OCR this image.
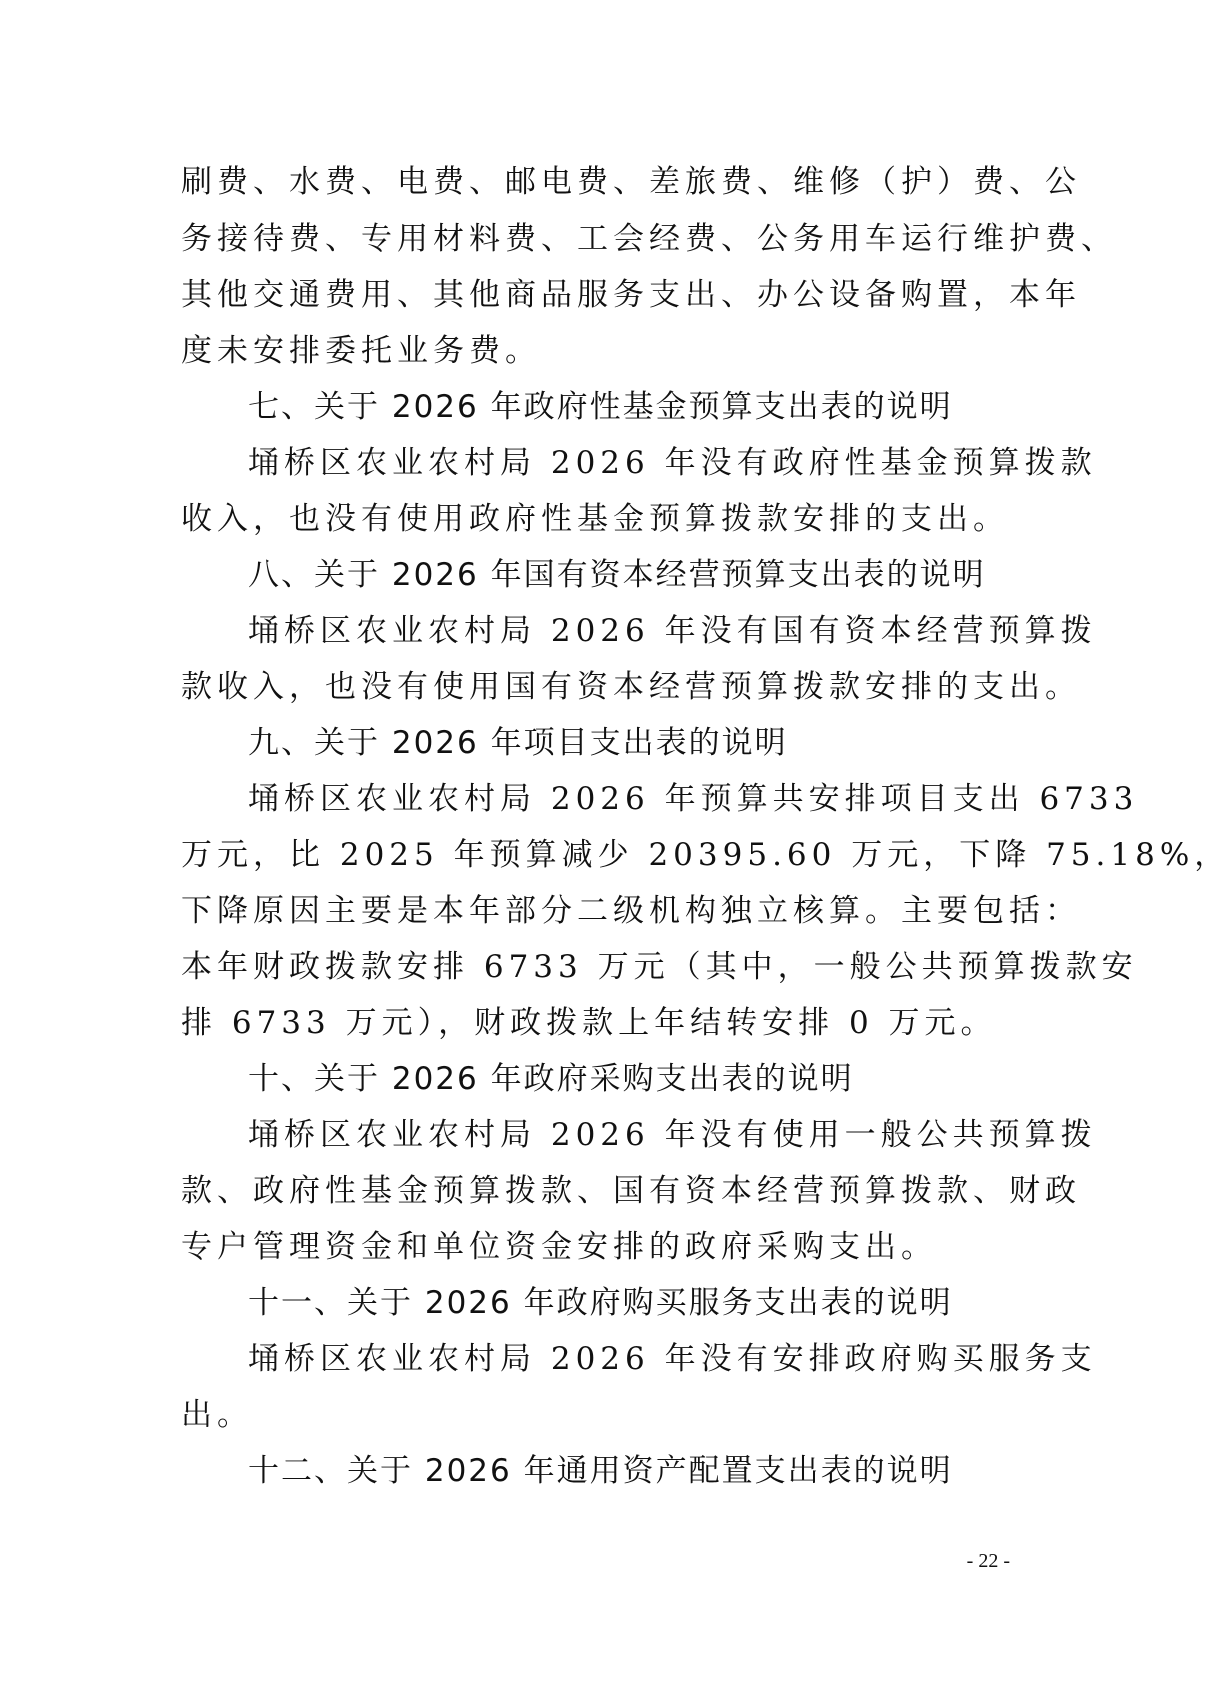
刷费、水费、电费、邮电费、差旅费、维修（护）费、公
务接待费、专用材料费、工会经费、公务用车运行维护费、
其他交通费用、其他商品服务支出、办公设备购置，本年
度未安排委托业务费。
七、关于 2026 年政府性基金预算支出表的说明
埇桥区农业农村局 2026 年没有政府性基金预算拨款
收入，也没有使用政府性基金预算拨款安排的支出。
八、关于 2026 年国有资本经营预算支出表的说明
埇桥区农业农村局 2026 年没有国有资本经营预算拨
款收入，也没有使用国有资本经营预算拨款安排的支出。
九、关于 2026 年项目支出表的说明
埇桥区农业农村局 2026 年预算共安排项目支出 6733
万元，比 2025 年预算减少 20395.60 万元，下降 75.18%，
下降原因主要是本年部分二级机构独立核算。主要包括：
本年财政拨款安排 6733 万元（其中，一般公共预算拨款安
排 6733 万元），财政拨款上年结转安排 0 万元。
十、关于 2026 年政府采购支出表的说明
埇桥区农业农村局 2026 年没有使用一般公共预算拨
款、政府性基金预算拨款、国有资本经营预算拨款、财政
专户管理资金和单位资金安排的政府采购支出。
十一、关于 2026 年政府购买服务支出表的说明
埇桥区农业农村局 2026 年没有安排政府购买服务支
出。
十二、关于 2026 年通用资产配置支出表的说明
- 22 -
